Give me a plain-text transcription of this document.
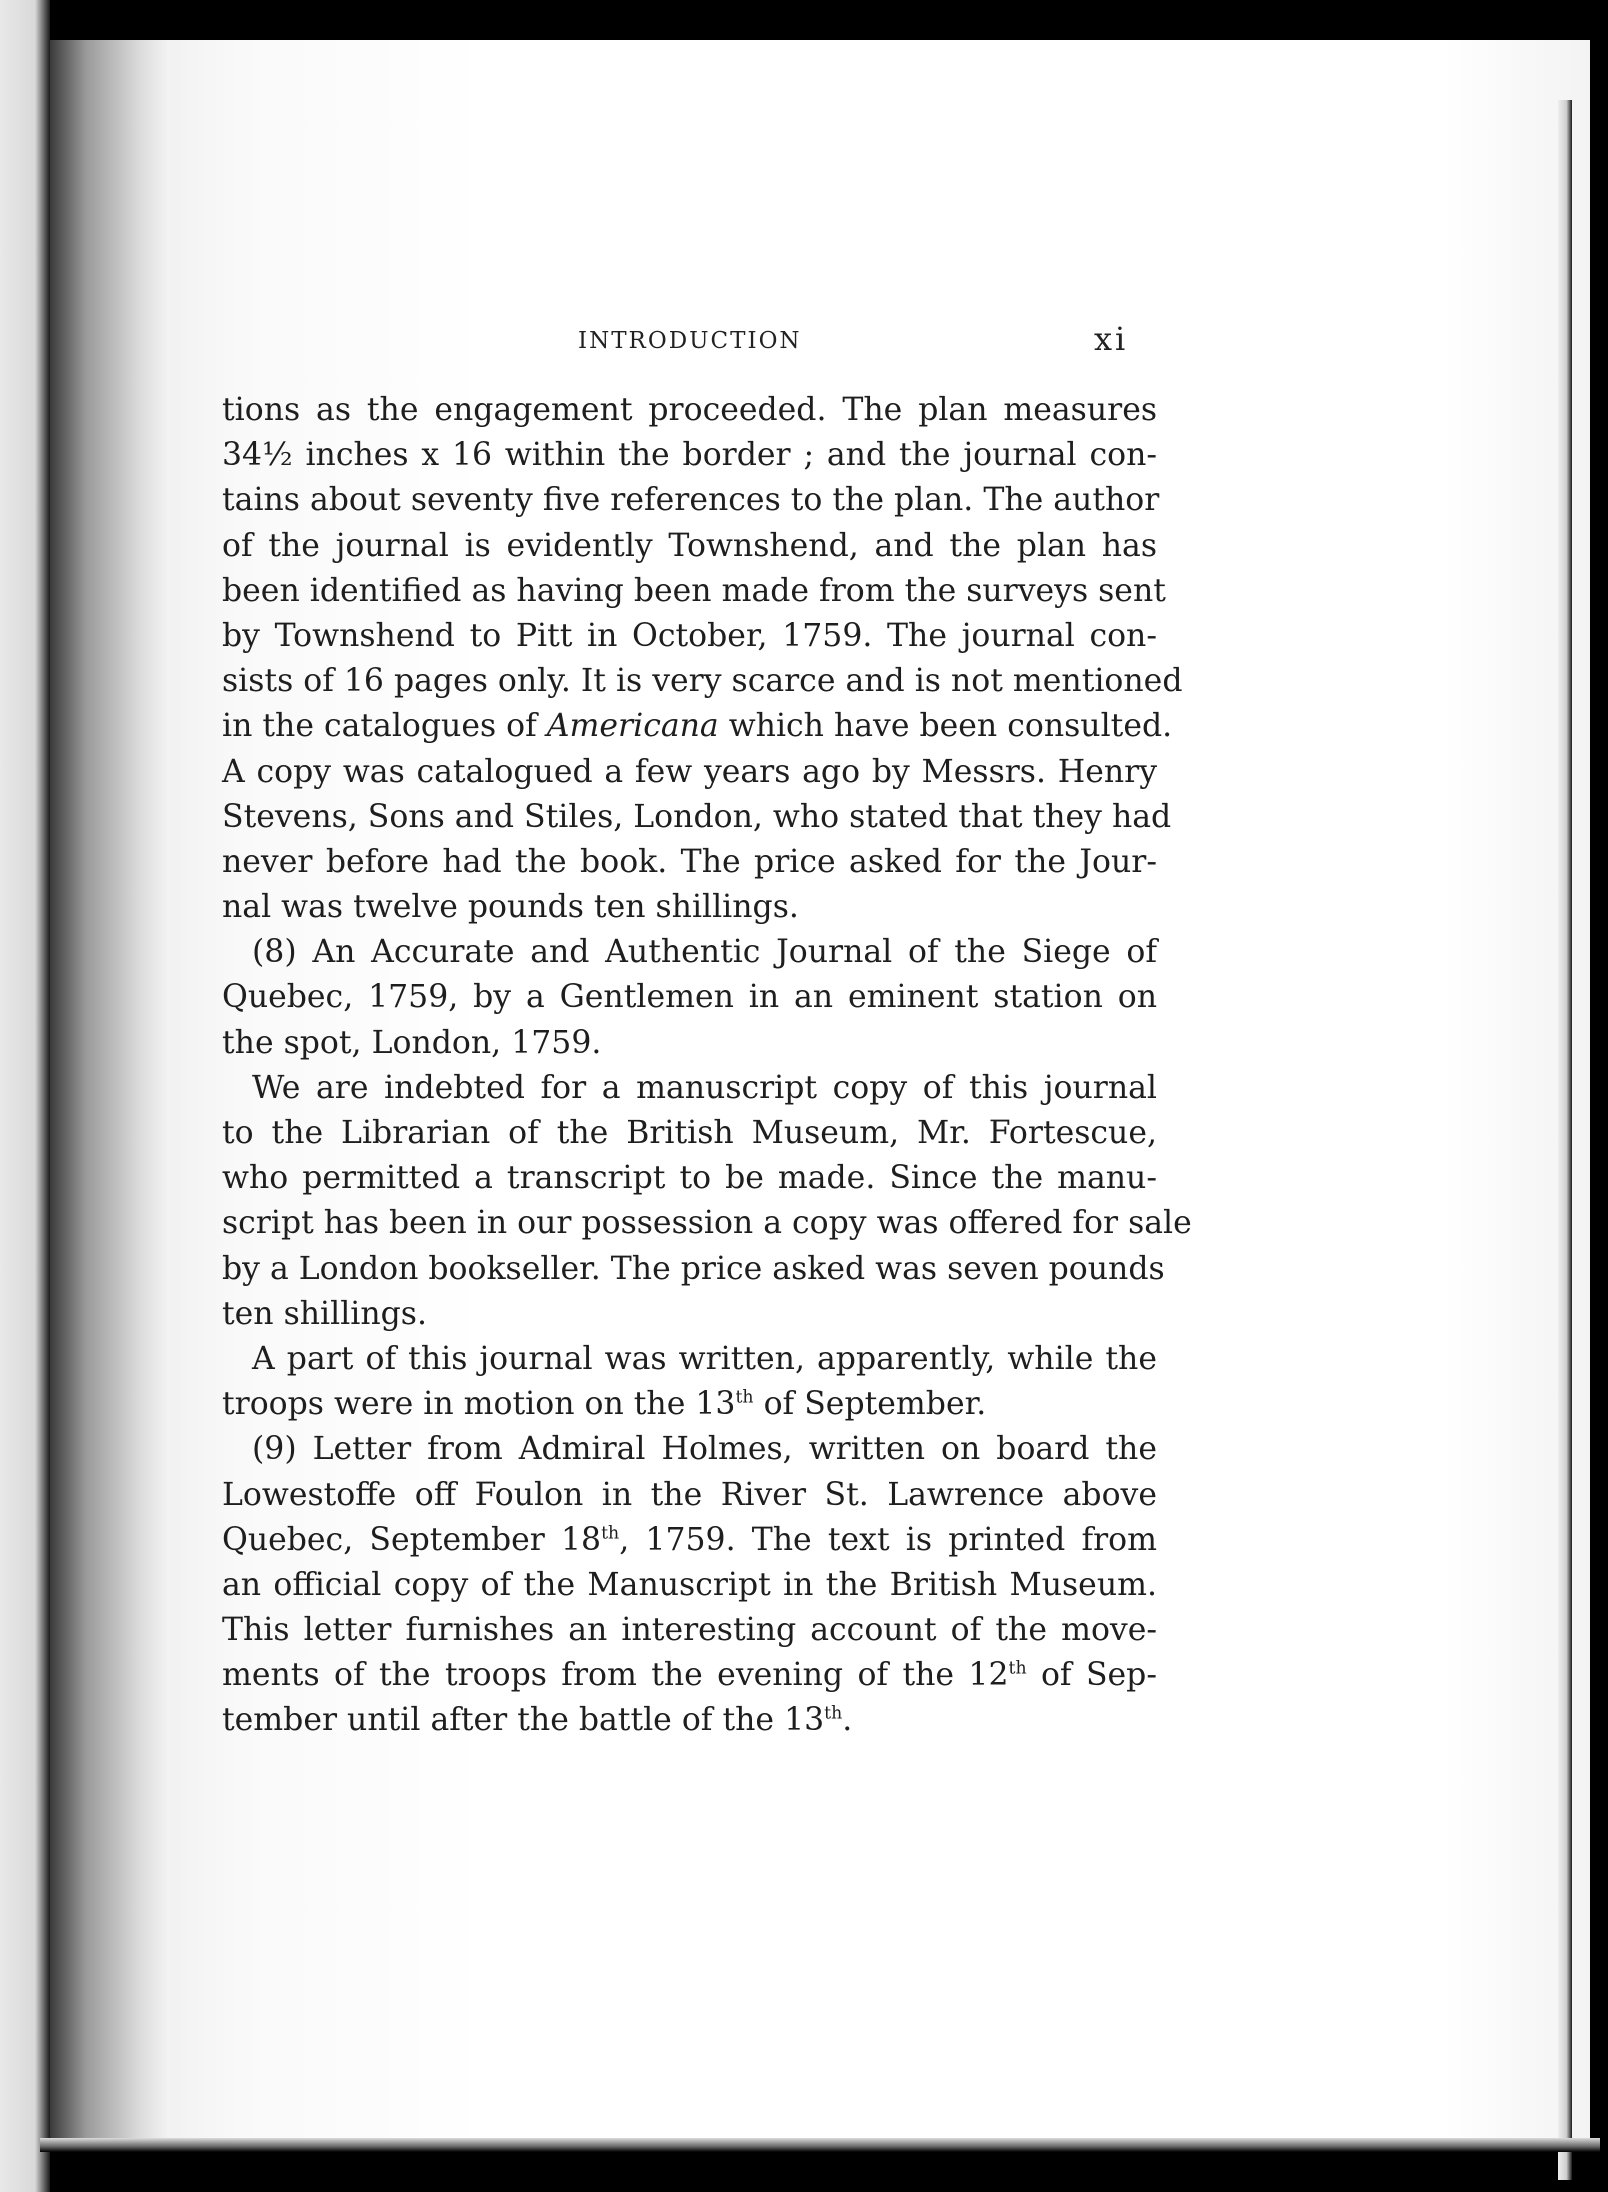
INTRODUCTION	xi
tions as the engagement proceeded. The plan measures
34½ inches x 16 within the border ; and the journal con-
tains about seventy five references to the plan. The author
of the journal is evidently Townshend, and the plan has
been identified as having been made from the surveys sent
by Townshend to Pitt in October, 1759. The journal con-
sists of 16 pages only. It is very scarce and is not mentioned
in the catalogues of Americana which have been consulted.
A copy was catalogued a few years ago by Messrs. Henry
Stevens, Sons and Stiles, London, who stated that they had
never before had the book. The price asked for the Jour-
nal was twelve pounds ten shillings.
(8) An Accurate and Authentic Journal of the Siege of
Quebec, 1759, by a Gentlemen in an eminent station on
the spot, London, 1759.
We are indebted for a manuscript copy of this journal
to the Librarian of the British Museum, Mr. Fortescue,
who permitted a transcript to be made. Since the manu-
script has been in our possession a copy was offered for sale
by a London bookseller. The price asked was seven pounds
ten shillings.
A part of this journal was written, apparently, while the
troops were in motion on the 13th of September.
(9) Letter from Admiral Holmes, written on board the
Lowestoffe off Foulon in the River St. Lawrence above
Quebec, September 18th, 1759. The text is printed from
an official copy of the Manuscript in the British Museum.
This letter furnishes an interesting account of the move-
ments of the troops from the evening of the 12th of Sep-
tember until after the battle of the 13th.
